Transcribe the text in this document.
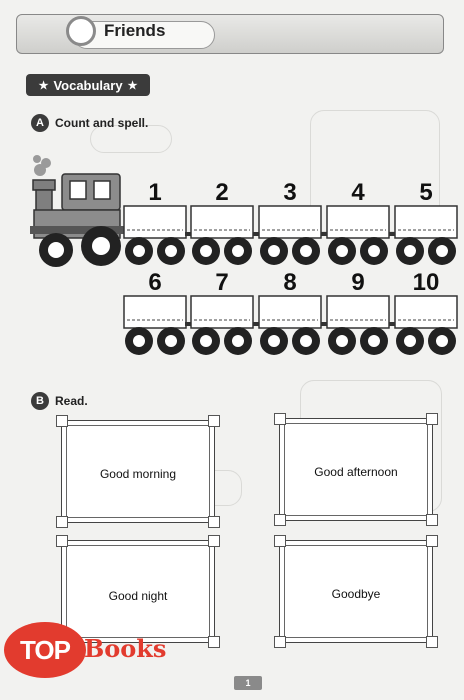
Friends
★ Vocabulary ★
A Count and spell.
1 2 3 4 5
6 7 8 9 10
B Read.
Good morning	Good afternoon
Good night	Goodbye
1
TOP Books
